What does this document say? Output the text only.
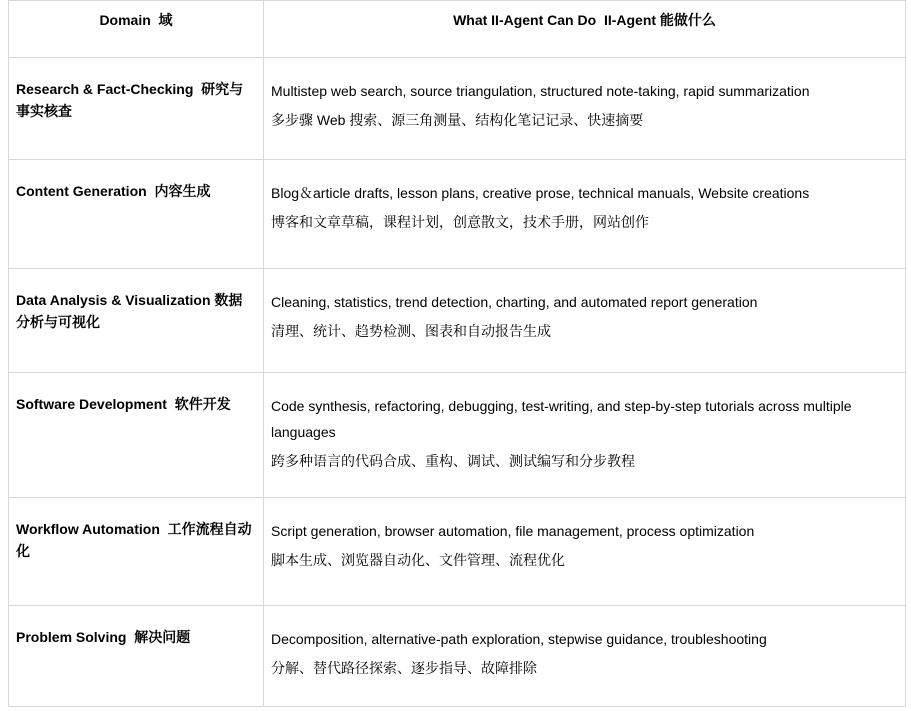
Domain  域	What II-Agent Can Do  II-Agent 能做什么

Research & Fact-Checking  研究与事实核查	Multistep web search, source triangulation, structured note-taking, rapid summarization

多步骤 Web 搜索、源三角测量、结构化笔记记录、快速摘要

Content Generation  内容生成	Blog＆article drafts, lesson plans, creative prose, technical manuals, Website creations

博客和文章草稿，课程计划，创意散文，技术手册，网站创作

Data Analysis & Visualization 数据分析与可视化	Cleaning, statistics, trend detection, charting, and automated report generation

清理、统计、趋势检测、图表和自动报告生成

Software Development  软件开发	Code synthesis, refactoring, debugging, test-writing, and step-by-step tutorials across multiple languages

跨多种语言的代码合成、重构、调试、测试编写和分步教程

Workflow Automation  工作流程自动化	Script generation, browser automation, file management, process optimization

脚本生成、浏览器自动化、文件管理、流程优化

Problem Solving  解决问题	Decomposition, alternative-path exploration, stepwise guidance, troubleshooting

分解、替代路径探索、逐步指导、故障排除
